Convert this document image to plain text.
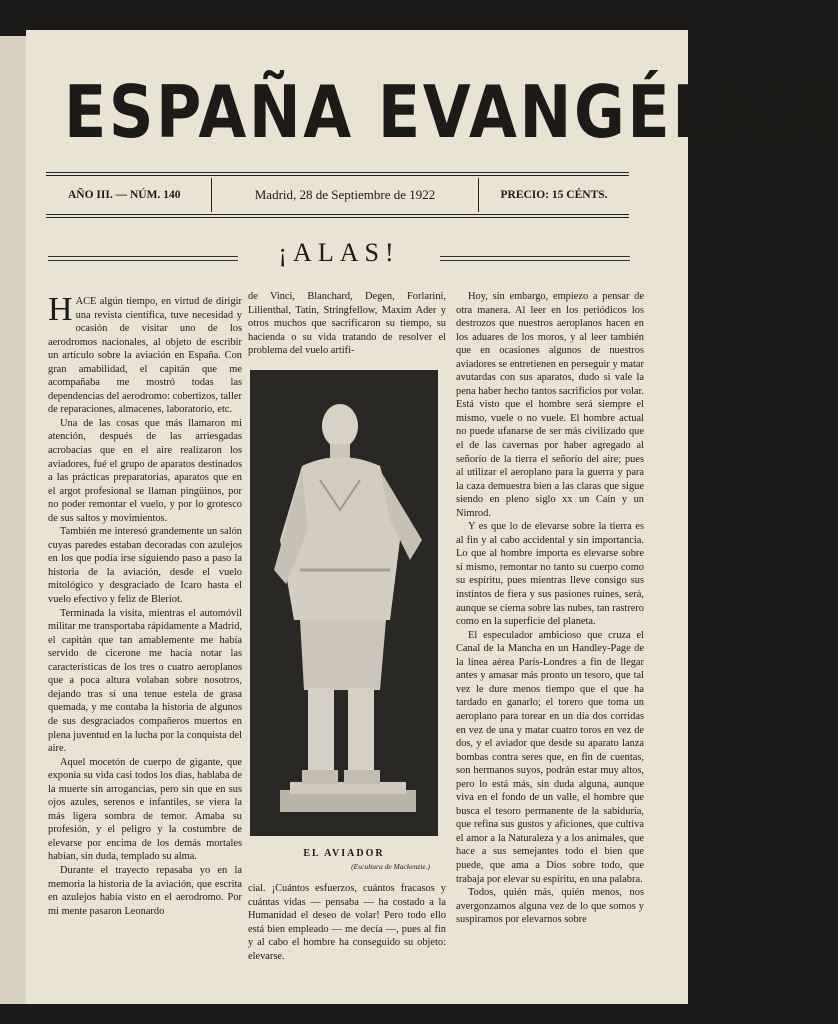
ESPAÑA EVANGÉLICA
AÑO III. — NÚM. 140	Madrid, 28 de Septiembre de 1922	PRECIO: 15 CÉNTS.
¡ALAS!

HACE algún tiempo, en virtud de dirigir una revista científica, tuve necesidad y ocasión de visitar uno de los aerodromos nacionales, al objeto de escribir un artículo sobre la aviación en España. Con gran amabilidad, el capitán que me acompañaba me mostró todas las dependencias del aerodromo: cobertizos, taller de reparaciones, almacenes, laboratorio, etc.

Una de las cosas que más llamaron mi atención, después de las arriesgadas acrobacias que en el aire realizaron los aviadores, fué el grupo de aparatos destinados a las prácticas preparatorias, aparatos que en el argot profesional se llaman pingüinos, por no poder remontar el vuelo, y por lo grotesco de sus saltos y movimientos.

También me interesó grandemente un salón cuyas paredes estaban decoradas con azulejos en los que podía irse siguiendo paso a paso la historia de la aviación, desde el vuelo mitológico y desgraciado de Icaro hasta el vuelo efectivo y feliz de Bleriot.

Terminada la visita, mientras el automóvil militar me transportaba rápidamente a Madrid, el capitán que tan amablemente me había servido de cicerone me hacía notar las características de los tres o cuatro aeroplanos que a poca altura volaban sobre nosotros, dejando tras sí una tenue estela de grasa quemada, y me contaba la historia de algunos de sus desgraciados compañeros muertos en plena juventud en la lucha por la conquista del aire.

Aquel mocetón de cuerpo de gigante, que exponía su vida casi todos los días, hablaba de la muerte sin arrogancias, pero sin que en sus ojos azules, serenos e infantiles, se viera la más ligera sombra de temor. Amaba su profesión, y el peligro y la costumbre de elevarse por encima de los demás mortales habían, sin duda, templado su alma.

Durante el trayecto repasaba yo en la memoria la historia de la aviación, que escrita en azulejos había visto en el aerodromo. Por mi mente pasaron Leonardo

de Vinci, Blanchard, Degen, Forlarini, Lilienthal, Tatin, Stringfellow, Maxim Ader y otros muchos que sacrificaron su tiempo, su hacienda o su vida tratando de resolver el problema del vuelo artifi-

EL AVIADOR
(Escultura de Mackenzie.)

cial. ¡Cuántos esfuerzos, cuántos fracasos y cuántas vidas — pensaba — ha costado a la Humanidad el deseo de volar! Pero todo ello está bien empleado — me decía —, pues al fin y al cabo el hombre ha conseguido su objeto: elevarse.

Hoy, sin embargo, empiezo a pensar de otra manera. Al leer en los periódicos los destrozos que nuestros aeroplanos hacen en los aduares de los moros, y al leer también que en ocasiones algunos de nuestros aviadores se entretienen en perseguir y matar avutardas con sus aparatos, dudo si vale la pena haber hecho tantos sacrificios por volar. Está visto que el hombre será siempre el mismo, vuele o no vuele. El hombre actual no puede ufanarse de ser más civilizado que el de las cavernas por haber agregado al señorío de la tierra el señorío del aire; pues al utilizar el aeroplano para la guerra y para la caza demuestra bien a las claras que sigue siendo en pleno siglo xx un Caín y un Nimrod.

Y es que lo de elevarse sobre la tierra es al fin y al cabo accidental y sin importancia. Lo que al hombre importa es elevarse sobre sí mismo, remontar no tanto su cuerpo como su espíritu, pues mientras lleve consigo sus instintos de fiera y sus pasiones ruines, será, aunque se cierna sobre las nubes, tan rastrero como en la superficie del planeta.

El especulador ambicioso que cruza el Canal de la Mancha en un Handley-Page de la línea aérea París-Londres a fin de llegar antes y amasar más pronto un tesoro, que tal vez le dure menos tiempo que el que ha tardado en ganarlo; el torero que toma un aeroplano para torear en un día dos corridas en vez de una y matar cuatro toros en vez de dos, y el aviador que desde su aparato lanza bombas contra seres que, en fin de cuentas, son hermanos suyos, podrán estar muy altos, pero lo está más, sin duda alguna, aunque viva en el fondo de un valle, el hombre que busca el tesoro permanente de la sabiduría, que refina sus gustos y aficiones, que cultiva el amor a la Naturaleza y a los animales, que hace a sus semejantes todo el bien que puede, que ama a Dios sobre todo, que trabaja por elevar su espíritu, en una palabra.

Todos, quién más, quién menos, nos avergonzamos alguna vez de lo que somos y suspiramos por elevarnos sobre
